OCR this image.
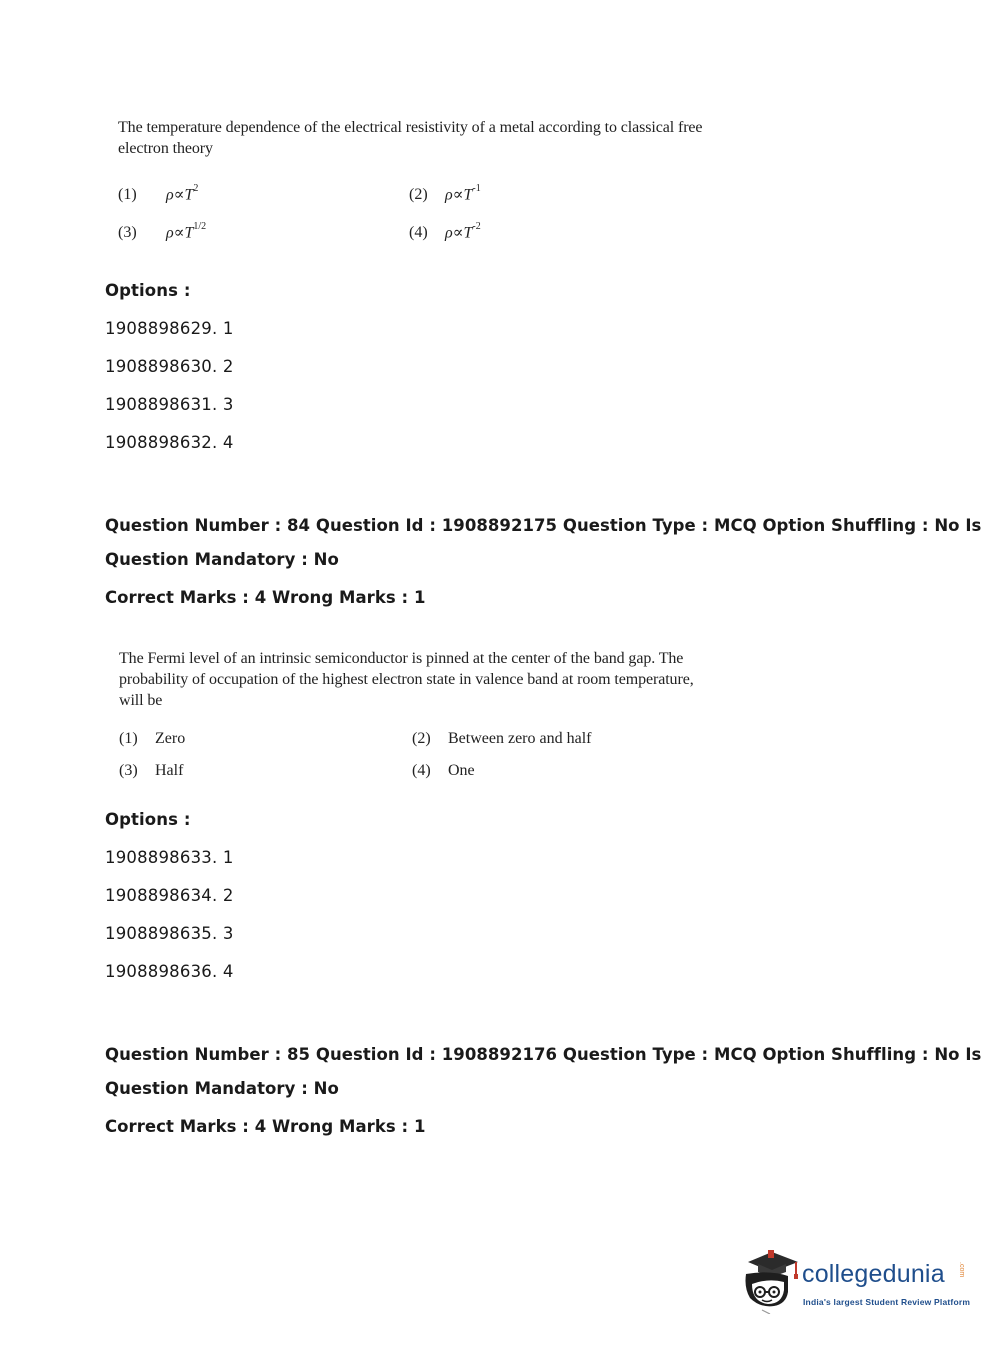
The temperature dependence of the electrical resistivity of a metal according to classical free
electron theory
(1)	$\rho\propto T^2$	(2)	$\rho\propto T^{-1}$
(3)	$\rho\propto T^{1/2}$	(4)	$\rho\propto T^{-2}$
Options :
1908898629. 1
1908898630. 2
1908898631. 3
1908898632. 4
Question Number : 84 Question Id : 1908892175 Question Type : MCQ Option Shuffling : No Is
Question Mandatory : No
Correct Marks : 4 Wrong Marks : 1
The Fermi level of an intrinsic semiconductor is pinned at the center of the band gap. The
probability of occupation of the highest electron state in valence band at room temperature,
will be
(1)	Zero	(2)	Between zero and half
(3)	Half	(4)	One
Options :
1908898633. 1
1908898634. 2
1908898635. 3
1908898636. 4
Question Number : 85 Question Id : 1908892176 Question Type : MCQ Option Shuffling : No Is
Question Mandatory : No
Correct Marks : 4 Wrong Marks : 1
collegedunia .com
India's largest Student Review Platform
